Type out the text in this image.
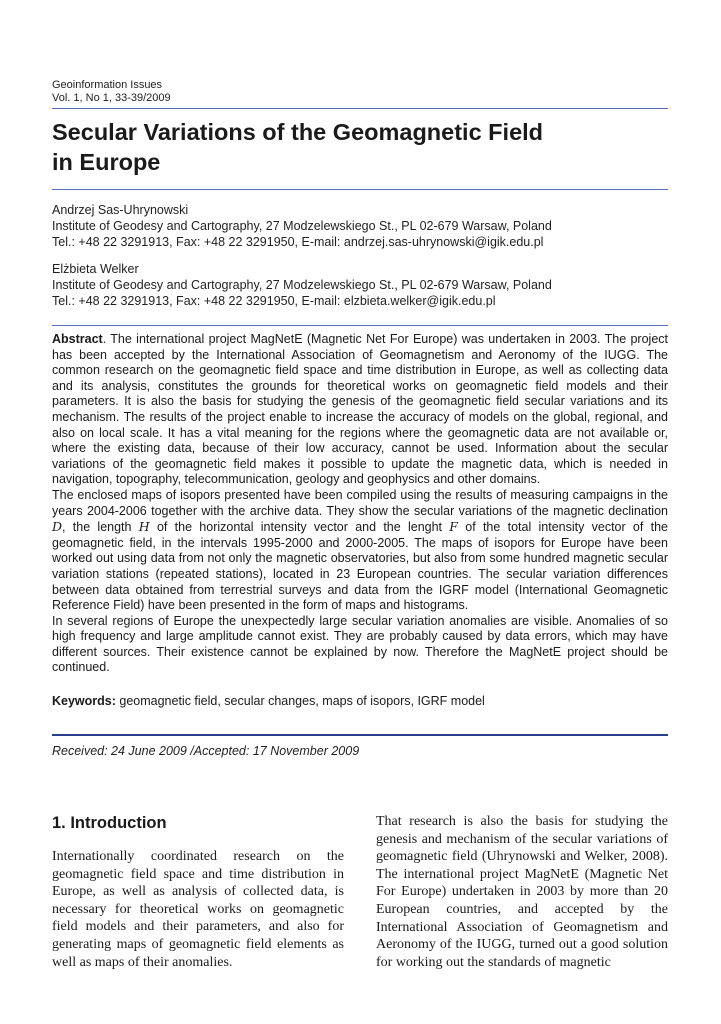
Geoinformation Issues
Vol. 1, No 1, 33-39/2009
Secular Variations of the Geomagnetic Field
in Europe
Andrzej Sas-Uhrynowski
Institute of Geodesy and Cartography, 27 Modzelewskiego St., PL 02-679 Warsaw, Poland
Tel.: +48 22 3291913, Fax: +48 22 3291950, E-mail: andrzej.sas-uhrynowski@igik.edu.pl
Elżbieta Welker
Institute of Geodesy and Cartography, 27 Modzelewskiego St., PL 02-679 Warsaw, Poland
Tel.: +48 22 3291913, Fax: +48 22 3291950, E-mail: elzbieta.welker@igik.edu.pl

Abstract. The international project MagNetE (Magnetic Net For Europe) was undertaken in 2003. The project has been accepted by the International Association of Geomagnetism and Aeronomy of the IUGG. The common research on the geomagnetic field space and time distribution in Europe, as well as collecting data and its analysis, constitutes the grounds for theoretical works on geomagnetic field models and their parameters. It is also the basis for studying the genesis of the geomagnetic field secular variations and its mechanism. The results of the project enable to increase the accuracy of models on the global, regional, and also on local scale. It has a vital meaning for the regions where the geomagnetic data are not available or, where the existing data, because of their low accuracy, cannot be used. Information about the secular variations of the geomagnetic field makes it possible to update the magnetic data, which is needed in navigation, topography, telecommunication, geology and geophysics and other domains.

The enclosed maps of isopors presented have been compiled using the results of measuring campaigns in the years 2004-2006 together with the archive data. They show the secular variations of the magnetic declination D, the length H of the horizontal intensity vector and the lenght F of the total intensity vector of the geomagnetic field, in the intervals 1995-2000 and 2000-2005. The maps of isopors for Europe have been worked out using data from not only the magnetic observatories, but also from some hundred magnetic secular variation stations (repeated stations), located in 23 European countries. The secular variation differences between data obtained from terrestrial surveys and data from the IGRF model (International Geomagnetic Reference Field) have been presented in the form of maps and histograms.

In several regions of Europe the unexpectedly large secular variation anomalies are visible. Anomalies of so high frequency and large amplitude cannot exist. They are probably caused by data errors, which may have different sources. Their existence cannot be explained by now. Therefore the MagNetE project should be continued.

Keywords: geomagnetic field, secular changes, maps of isopors, IGRF model
Received: 24 June 2009 /Accepted: 17 November 2009
1. Introduction

Internationally coordinated research on the geomagnetic field space and time distribution in Europe, as well as analysis of collected data, is necessary for theoretical works on geomagnetic field models and their parameters, and also for generating maps of geomagnetic field elements as well as maps of their anomalies.

That research is also the basis for studying the genesis and mechanism of the secular variations of geomagnetic field (Uhrynowski and Welker, 2008). The international project MagNetE (Magnetic Net For Europe) undertaken in 2003 by more than 20 European countries, and accepted by the International Association of Geomagnetism and Aeronomy of the IUGG, turned out a good solution for working out the standards of magnetic
